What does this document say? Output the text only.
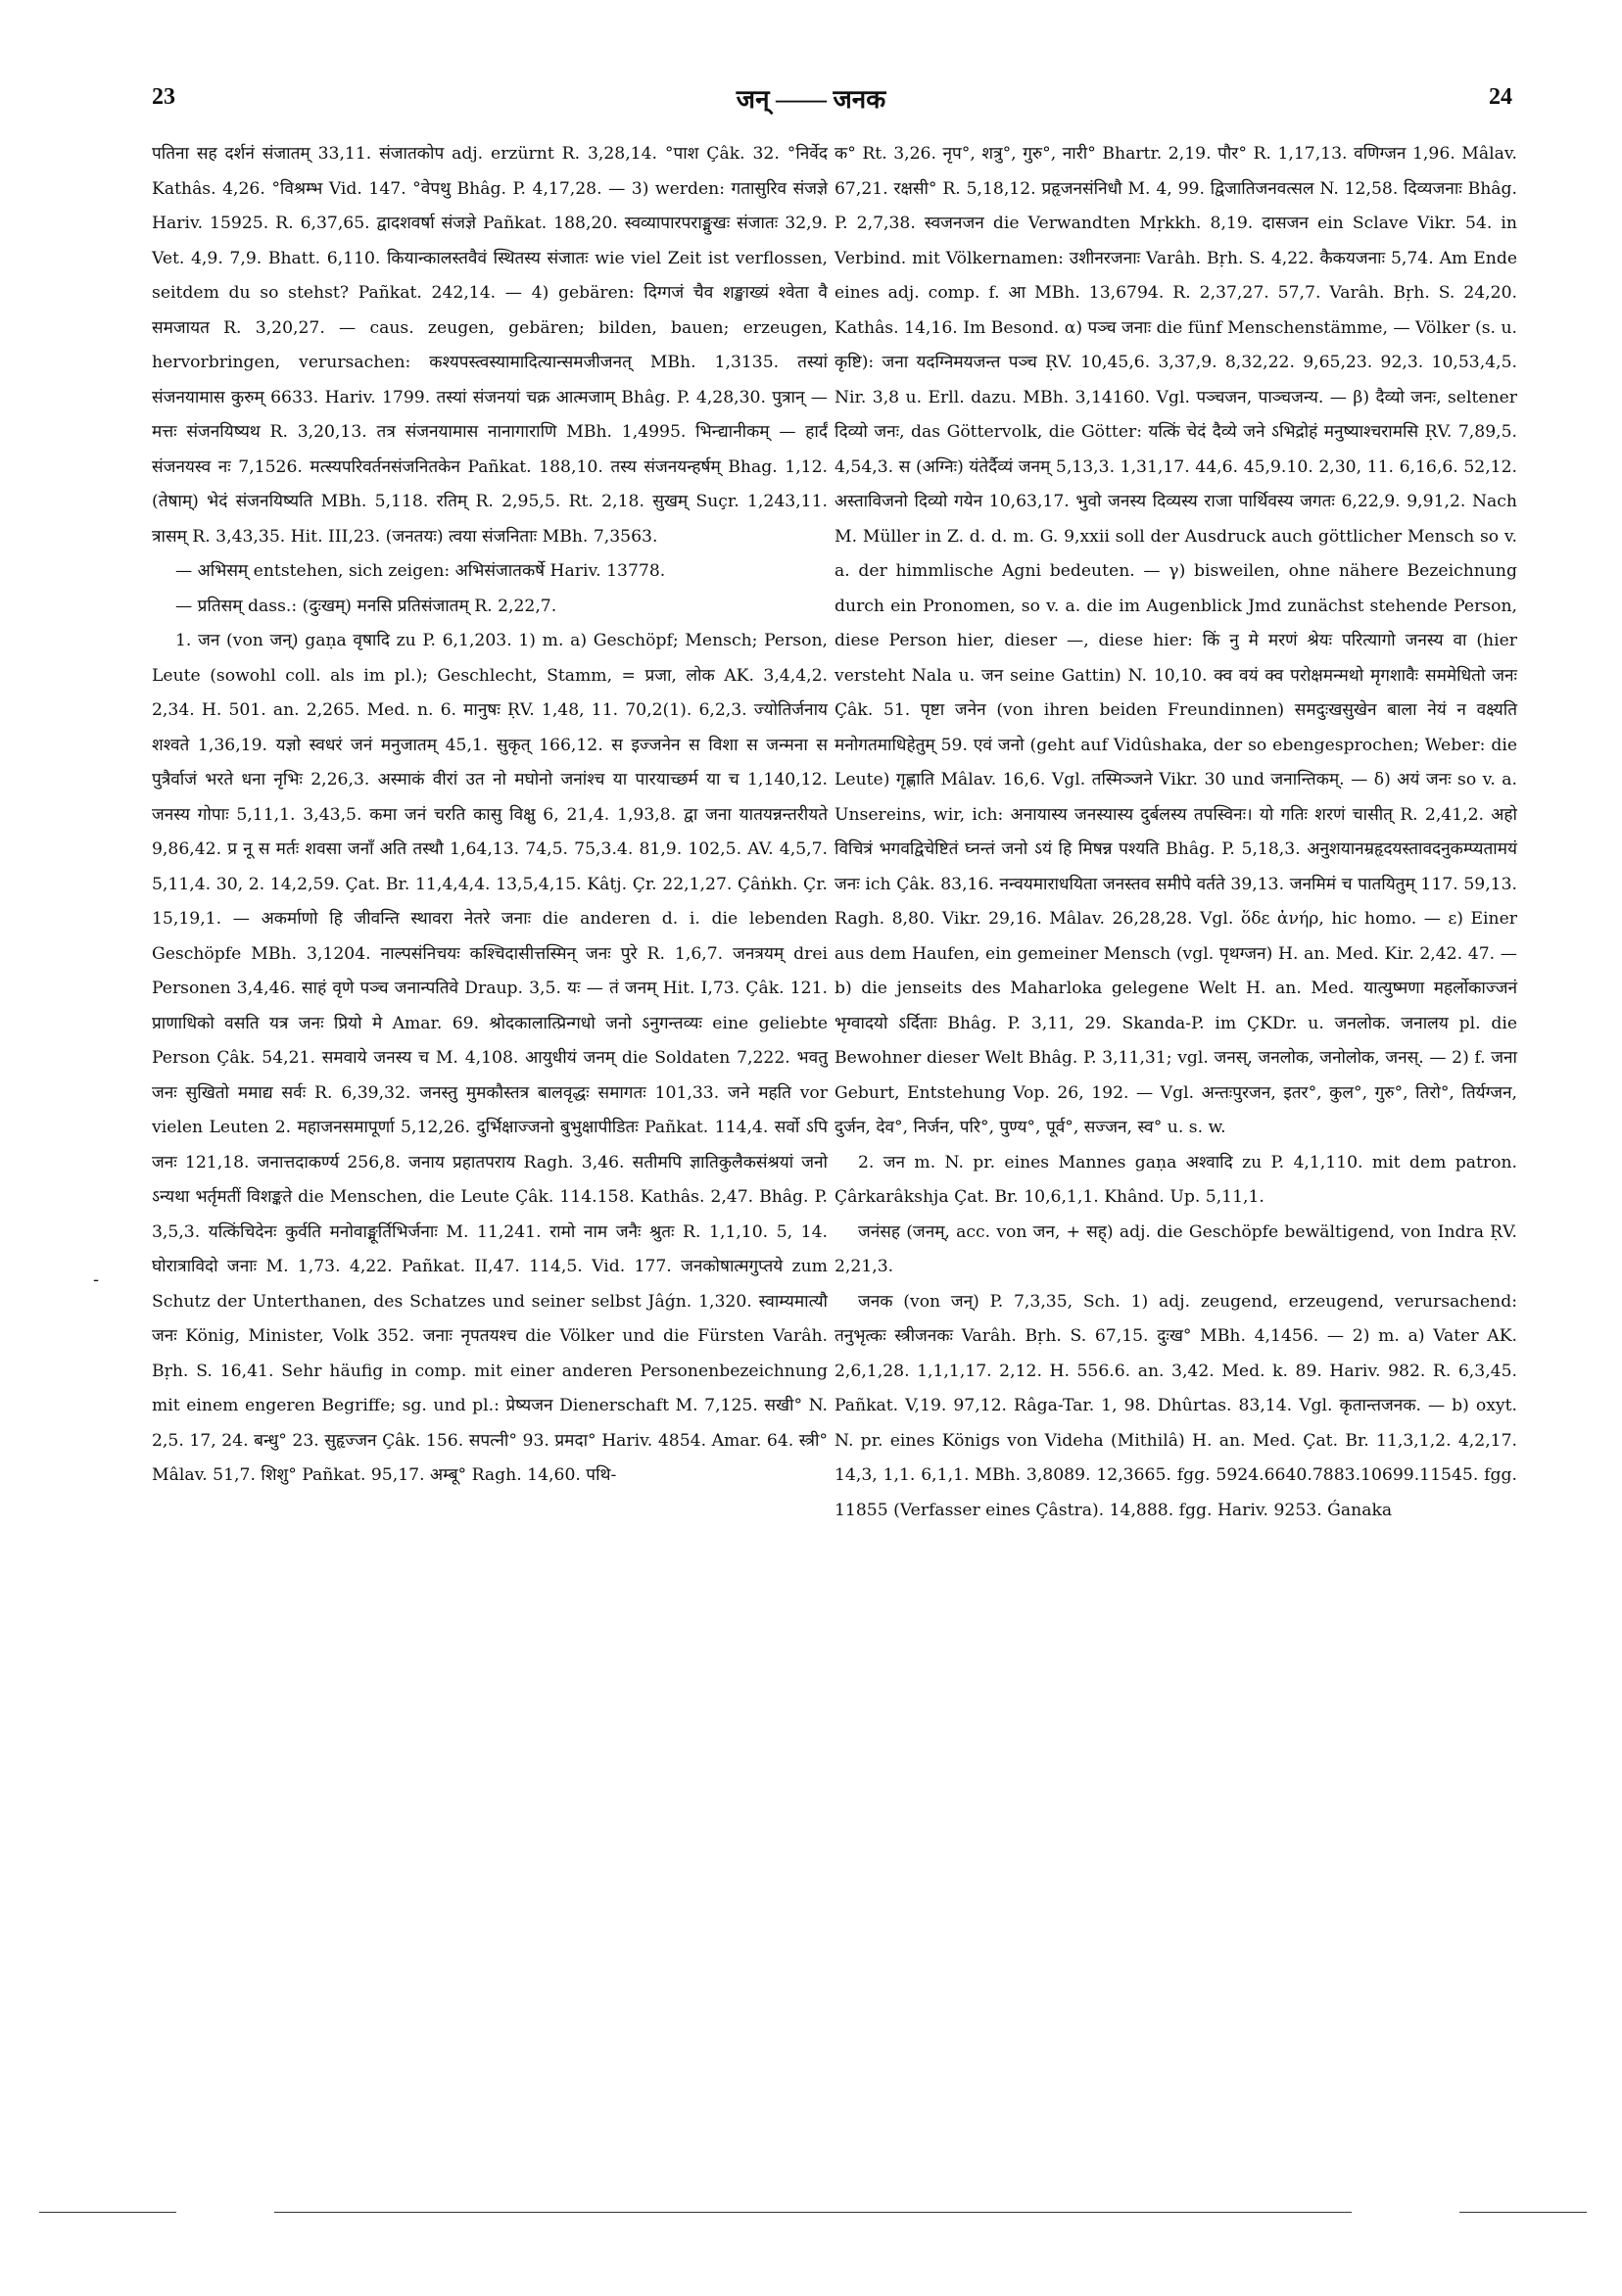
23	जन् —— जनक	24
-

पतिना सह दर्शनं संजातम् 33,11. संजातकोप adj. erzürnt R. 3,28,14. °पाश Çâk. 32. °निर्वेद Kathâs. 4,26. °विश्रम्भ Vid. 147. °वेपथु Bhâg. P. 4,17,28. — 3) werden: गतासुरिव संजज्ञे Hariv. 15925. R. 6,37,65. द्वादशवर्षा संजज्ञे Pañkat. 188,20. स्वव्यापारपराङ्मुखः संजातः 32,9. Vet. 4,9. 7,9. Bhatt. 6,110. कियान्कालस्तवैवं स्थितस्य संजातः wie viel Zeit ist verflossen, seitdem du so stehst? Pañkat. 242,14. — 4) gebären: दिग्गजं चैव शङ्खाख्यं श्वेता वै समजायत R. 3,20,27. — caus. zeugen, gebären; bilden, bauen; erzeugen, hervorbringen, verursachen: कश्यपस्त्वस्यामादित्यान्समजीजनत् MBh. 1,3135. तस्यां संजनयामास कुरुम् 6633. Hariv. 1799. तस्यां संजनयां चक्र आत्मजाम् Bhâg. P. 4,28,30. पुत्रान् — मत्तः संजनयिष्यथ R. 3,20,13. तत्र संजनयामास नानागाराणि MBh. 1,4995. भिन्द्यानीकम् — हार्दं संजनयस्व नः 7,1526. मत्स्यपरिवर्तनसंजनितकेन Pañkat. 188,10. तस्य संजनयन्हर्षम् Bhag. 1,12. (तेषाम्) भेदं संजनयिष्यति MBh. 5,118. रतिम् R. 2,95,5. Rt. 2,18. सुखम् Suçr. 1,243,11. त्रासम् R. 3,43,35. Hit. III,23. (जनतयः) त्वया संजनिताः MBh. 7,3563.

— अभिसम् entstehen, sich zeigen: अभिसंजातकर्षे Hariv. 13778.

— प्रतिसम् dass.: (दुःखम्) मनसि प्रतिसंजातम् R. 2,22,7.

1. जन (von जन्) gaṇa वृषादि zu P. 6,1,203. 1) m. a) Geschöpf; Mensch; Person, Leute (sowohl coll. als im pl.); Geschlecht, Stamm, = प्रजा, लोक AK. 3,4,4,2. 2,34. H. 501. an. 2,265. Med. n. 6. मानुषः ṚV. 1,48, 11. 70,2(1). 6,2,3. ज्योतिर्जनाय शश्वते 1,36,19. यज्ञो स्वधरं जनं मनुजातम् 45,1. सुकृत् 166,12. स इज्जनेन स विशा स जन्मना स पुत्रैर्वाजं भरते धना नृभिः 2,26,3. अस्माकं वीरां उत नो मघोनो जनांश्च या पारयाच्छर्म या च 1,140,12. जनस्य गोपाः 5,11,1. 3,43,5. कमा जनं चरति कासु विक्षु 6, 21,4. 1,93,8. द्वा जना यातयन्नन्तरीयते 9,86,42. प्र नू स मर्तः शवसा जनाँ अति तस्थौ 1,64,13. 74,5. 75,3.4. 81,9. 102,5. AV. 4,5,7. 5,11,4. 30, 2. 14,2,59. Çat. Br. 11,4,4,4. 13,5,4,15. Kâtj. Çr. 22,1,27. Çâṅkh. Çr. 15,19,1. — अकर्माणो हि जीवन्ति स्थावरा नेतरे जनाः die anderen d. i. die lebenden Geschöpfe MBh. 3,1204. नाल्पसंनिचयः कश्चिदासीत्तस्मिन् जनः पुरे R. 1,6,7. जनत्रयम् drei Personen 3,4,46. साहं वृणे पञ्च जनान्पतिवे Draup. 3,5. यः — तं जनम् Hit. I,73. Çâk. 121. प्राणाधिको वसति यत्र जनः प्रियो मे Amar. 69. श्रोदकालात्प्रिन्गधो जनो ऽनुगन्तव्यः eine geliebte Person Çâk. 54,21. समवाये जनस्य च M. 4,108. आयुधीयं जनम् die Soldaten 7,222. भवतु जनः सुखितो ममाद्य सर्वः R. 6,39,32. जनस्तु मुमकौस्तत्र बालवृद्धः समागतः 101,33. जने महति vor vielen Leuten 2. महाजनसमापूर्णा 5,12,26. दुर्भिक्षाज्जनो बुभुक्षापीडितः Pañkat. 114,4. सर्वो ऽपि जनः 121,18. जनात्तदाकर्ण्य 256,8. जनाय प्रहातपराय Ragh. 3,46. सतीमपि ज्ञातिकुलैकसंश्रयां जनो ऽन्यथा भर्तृमतीं विशङ्कते die Menschen, die Leute Çâk. 114.158. Kathâs. 2,47. Bhâg. P. 3,5,3. यत्किंचिदेनः कुर्वति मनोवाङ्मूर्तिभिर्जनाः M. 11,241. रामो नाम जनैः श्रुतः R. 1,1,10. 5, 14. घोरात्राविदो जनाः M. 1,73. 4,22. Pañkat. II,47. 114,5. Vid. 177. जनकोषात्मगुप्तये zum Schutz der Unterthanen, des Schatzes und seiner selbst Jâǵn. 1,320. स्वाम्यमात्यौ जनः König, Minister, Volk 352. जनाः नृपतयश्च die Völker und die Fürsten Varâh. Bṛh. S. 16,41. Sehr häufig in comp. mit einer anderen Personenbezeichnung mit einem engeren Begriffe; sg. und pl.: प्रेष्यजन Dienerschaft M. 7,125. सखी° N. 2,5. 17, 24. बन्धु° 23. सुहृज्जन Çâk. 156. सपत्नी° 93. प्रमदा° Hariv. 4854. Amar. 64. स्त्री° Mâlav. 51,7. शिशु° Pañkat. 95,17. अम्बू° Ragh. 14,60. पथि-

क° Rt. 3,26. नृप°, शत्रु°, गुरु°, नारी° Bhartr. 2,19. पौर° R. 1,17,13. वणिग्जन 1,96. Mâlav. 67,21. रक्षसी° R. 5,18,12. प्रहृजनसंनिधौ M. 4, 99. द्विजातिजनवत्सल N. 12,58. दिव्यजनाः Bhâg. P. 2,7,38. स्वजनजन die Verwandten Mṛkkh. 8,19. दासजन ein Sclave Vikr. 54. in Verbind. mit Völkernamen: उशीनरजनाः Varâh. Bṛh. S. 4,22. कैकयजनाः 5,74. Am Ende eines adj. comp. f. आ MBh. 13,6794. R. 2,37,27. 57,7. Varâh. Bṛh. S. 24,20. Kathâs. 14,16. Im Besond. α) पञ्च जनाः die fünf Menschenstämme, — Völker (s. u. कृष्टि): जना यदग्निमयजन्त पञ्च ṚV. 10,45,6. 3,37,9. 8,32,22. 9,65,23. 92,3. 10,53,4,5. Nir. 3,8 u. Erll. dazu. MBh. 3,14160. Vgl. पञ्चजन, पाञ्चजन्य. — β) दैव्यो जनः, seltener दिव्यो जनः, das Göttervolk, die Götter: यत्किं चेदं दैव्ये जने ऽभिद्रोहं मनुष्याश्चरामसि ṚV. 7,89,5. 4,54,3. स (अग्निः) यंतेर्दैव्यं जनम् 5,13,3. 1,31,17. 44,6. 45,9.10. 2,30, 11. 6,16,6. 52,12. अस्ताविजनो दिव्यो गयेन 10,63,17. भुवो जनस्य दिव्यस्य राजा पार्थिवस्य जगतः 6,22,9. 9,91,2. Nach M. Müller in Z. d. d. m. G. 9,xxii soll der Ausdruck auch göttlicher Mensch so v. a. der himmlische Agni bedeuten. — γ) bisweilen, ohne nähere Bezeichnung durch ein Pronomen, so v. a. die im Augenblick Jmd zunächst stehende Person, diese Person hier, dieser —, diese hier: किं नु मे मरणं श्रेयः परित्यागो जनस्य वा (hier versteht Nala u. जन seine Gattin) N. 10,10. क्व वयं क्व परोक्षमन्मथो मृगशावैः सममेधितो जनः Çâk. 51. पृष्टा जनेन (von ihren beiden Freundinnen) समदुःखसुखेन बाला नेयं न वक्ष्यति मनोगतमाधिहेतुम् 59. एवं जनो (geht auf Vidûshaka, der so ebengesprochen; Weber: die Leute) गृह्णाति Mâlav. 16,6. Vgl. तस्मिञ्जने Vikr. 30 und जनान्तिकम्. — δ) अयं जनः so v. a. Unsereins, wir, ich: अनायास्य जनस्यास्य दुर्बलस्य तपस्विनः। यो गतिः शरणं चासीत् R. 2,41,2. अहो विचित्रं भगवद्विचेष्टितं घ्नन्तं जनो ऽयं हि मिषन्न पश्यति Bhâg. P. 5,18,3. अनुशयानम्रहृदयस्तावदनुकम्प्यतामयं जनः ich Çâk. 83,16. नन्वयमाराधयिता जनस्तव समीपे वर्तते 39,13. जनमिमं च पातयितुम् 117. 59,13. Ragh. 8,80. Vikr. 29,16. Mâlav. 26,28,28. Vgl. ὅδε ἀνήρ, hic homo. — ε) Einer aus dem Haufen, ein gemeiner Mensch (vgl. पृथग्जन) H. an. Med. Kir. 2,42. 47. — b) die jenseits des Maharloka gelegene Welt H. an. Med. यात्युष्मणा महर्लोकाज्जनं भृग्वादयो ऽर्दिताः Bhâg. P. 3,11, 29. Skanda-P. im ÇKDr. u. जनलोक. जनालय pl. die Bewohner dieser Welt Bhâg. P. 3,11,31; vgl. जनस्, जनलोक, जनोलोक, जनस्. — 2) f. जना Geburt, Entstehung Vop. 26, 192. — Vgl. अन्तःपुरजन, इतर°, कुल°, गुरु°, तिरो°, तिर्यग्जन, दुर्जन, देव°, निर्जन, परि°, पुण्य°, पूर्व°, सज्जन, स्व° u. s. w.

2. जन m. N. pr. eines Mannes gaṇa अश्वादि zu P. 4,1,110. mit dem patron. Çârkarâkshja Çat. Br. 10,6,1,1. Khând. Up. 5,11,1.

जनंसह (जनम्, acc. von जन, + सह्) adj. die Geschöpfe bewältigend, von Indra ṚV. 2,21,3.

जनक (von जन्) P. 7,3,35, Sch. 1) adj. zeugend, erzeugend, verursachend: तनुभृत्कः स्त्रीजनकः Varâh. Bṛh. S. 67,15. दुःख° MBh. 4,1456. — 2) m. a) Vater AK. 2,6,1,28. 1,1,1,17. 2,12. H. 556.6. an. 3,42. Med. k. 89. Hariv. 982. R. 6,3,45. Pañkat. V,19. 97,12. Râga-Tar. 1, 98. Dhûrtas. 83,14. Vgl. कृतान्तजनक. — b) oxyt. N. pr. eines Königs von Videha (Mithilâ) H. an. Med. Çat. Br. 11,3,1,2. 4,2,17. 14,3, 1,1. 6,1,1. MBh. 3,8089. 12,3665. fgg. 5924.6640.7883.10699.11545. fgg. 11855 (Verfasser eines Çâstra). 14,888. fgg. Hariv. 9253. Ǵanaka
